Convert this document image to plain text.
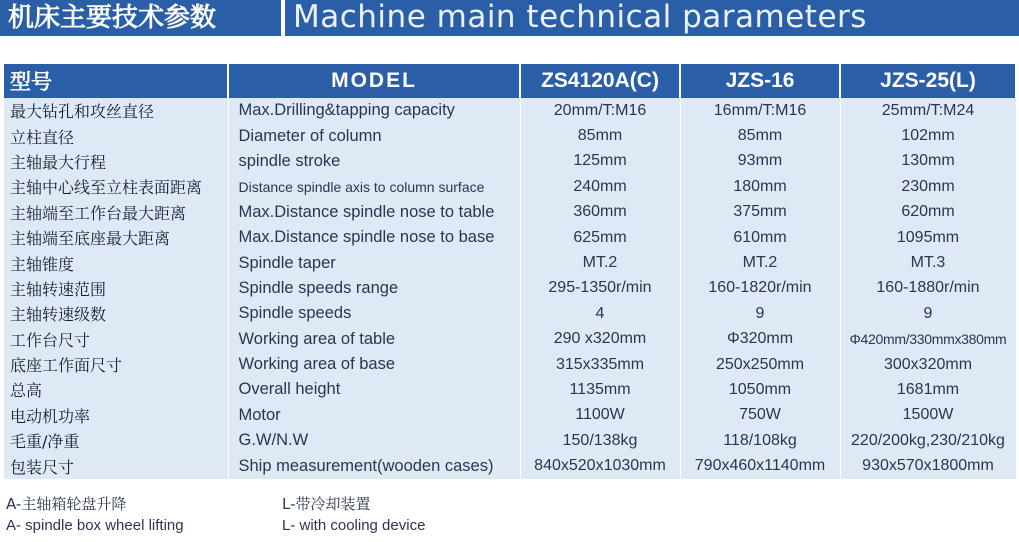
机床主要技术参数	Machine main technical parameters
型号	MODEL	ZS4120A(C)	JZS-16	JZS-25(L)
最大钻孔和攻丝直径	Max.Drilling&tapping capacity	20mm/T:M16	16mm/T:M16	25mm/T:M24
立柱直径	Diameter of column	85mm	85mm	102mm
主轴最大行程	spindle stroke	125mm	93mm	130mm
主轴中心线至立柱表面距离	Distance spindle axis to column surface	240mm	180mm	230mm
主轴端至工作台最大距离	Max.Distance spindle nose to table	360mm	375mm	620mm
主轴端至底座最大距离	Max.Distance spindle nose to base	625mm	610mm	1095mm
主轴锥度	Spindle taper	MT.2	MT.2	MT.3
主轴转速范围	Spindle speeds range	295-1350r/min	160-1820r/min	160-1880r/min
主轴转速级数	Spindle speeds	4	9	9
工作台尺寸	Working area of table	290 x320mm	Φ320mm	Φ420mm/330mmx380mm
底座工作面尺寸	Working area of base	315x335mm	250x250mm	300x320mm
总高	Overall height	1135mm	1050mm	1681mm
电动机功率	Motor	1100W	750W	1500W
毛重/净重	G.W/N.W	150/138kg	118/108kg	220/200kg,230/210kg
包装尺寸	Ship measurement(wooden cases)	840x520x1030mm	790x460x1140mm	930x570x1800mm
A-主轴箱轮盘升降
A- spindle box wheel lifting
L-带冷却装置
L- with cooling device
